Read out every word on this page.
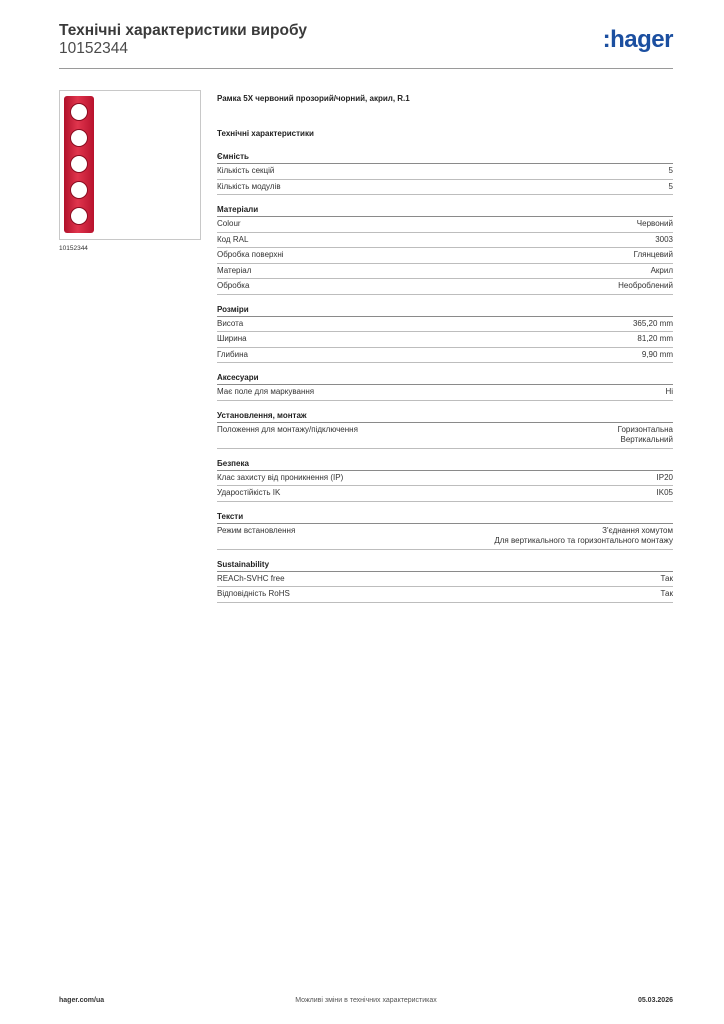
Технічні характеристики виробу
10152344	:hager
10152344
Рамка 5X червоний прозорий/чорний, акрил, R.1
Технічні характеристики
Ємність
Кількість секцій	5
Кількість модулів	5
Матеріали
Colour	Червоний
Код RAL	3003
Обробка поверхні	Глянцевий
Матеріал	Акрил
Обробка	Необроблений
Розміри
Висота	365,20 mm
Ширина	81,20 mm
Глибина	9,90 mm
Аксесуари
Має поле для маркування	Ні
Установлення, монтаж
Положення для монтажу/підключення	Горизонтальна
Вертикальний
Безпека
Клас захисту від проникнення (IP)	IP20
Ударостійкість IK	IK05
Тексти
Режим встановлення	З'єднання хомутом
Для вертикального та горизонтального монтажу
Sustainability
REACh-SVHC free	Так
Відповідність RoHS	Так
Можливі зміни в технічних характеристиках
hager.com/ua	05.03.2026
